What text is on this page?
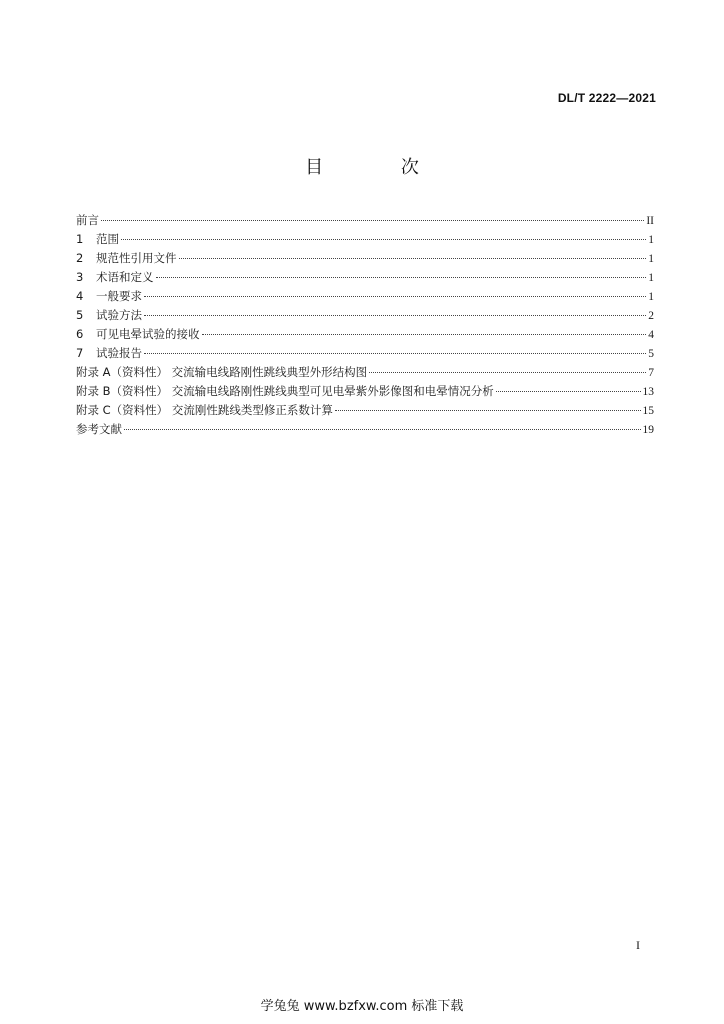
DL/T 2222—2021
目 次
前言	II
1 范围	1
2 规范性引用文件	1
3 术语和定义	1
4 一般要求	1
5 试验方法	2
6 可见电晕试验的接收	4
7 试验报告	5
附录 A（资料性） 交流输电线路刚性跳线典型外形结构图	7
附录 B（资料性） 交流输电线路刚性跳线典型可见电晕紫外影像图和电晕情况分析	13
附录 C（资料性） 交流刚性跳线类型修正系数计算	15
参考文献	19
I
学兔兔 www.bzfxw.com 标准下载
